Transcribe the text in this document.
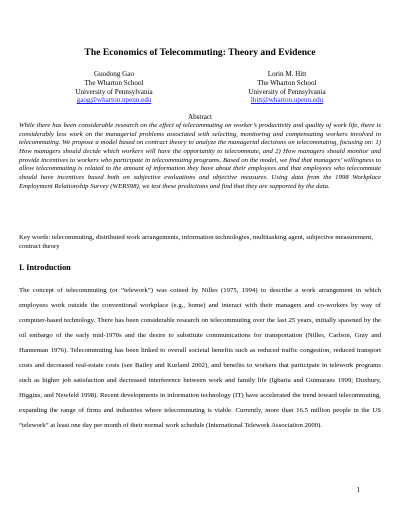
The Economics of Telecommuting: Theory and Evidence
Guodong Gao
The Wharton School
University of Pennsylvania
gaog@wharton.upenn.edu
Lorin M. Hitt
The Wharton School
University of Pennsylvania
lhitt@wharton.upenn.edu
Abstract

While there has been considerable research on the effect of telecommuting on worker’s productivity and quality of work life, there is considerably less work on the managerial problems associated with selecting, monitoring and compensating workers involved in telecommuting. We propose a model based on contract theory to analyze the managerial decisions on telecommuting, focusing on: 1) How managers should decide which workers will have the opportunity to telecommute, and 2) How managers should monitor and provide incentives to workers who participate in telecommuting programs. Based on the model, we find that managers’ willingness to allow telecommuting is related to the amount of information they have about their employees and that employees who telecommute should have incentives based both on subjective evaluations and objective measures. Using data from the 1998 Workplace Employment Relationship Survey (WERS98), we test these predictions and find that they are supported by the data.

Key words: telecommuting, distributed work arrangements, information technologies, multitasking agent, subjective measurement, contract theory

I. Introduction

The concept of telecommuting (or “telework”) was coined by Nilles (1975, 1994) to describe a work arrangement in which employees work outside the conventional workplace (e.g., home) and interact with their managers and co-workers by way of computer-based technology. There has been considerable research on telecommuting over the last 25 years, initially spawned by the oil embargo of the early mid-1970s and the desire to substitute communications for transportation (Nilles, Carlson, Gray and Hanneman 1976). Telecommuting has been linked to overall societal benefits such as reduced traffic congestion, reduced transport costs and decreased real-estate costs (see Bailey and Kurland 2002), and benefits to workers that participate in telework programs such as higher job satisfaction and decreased interference between work and family life (Igbaria and Guimaraes 1999; Duxbury, Higgins, and Newfeld 1998). Recent developments in information technology (IT) have accelerated the trend toward telecommuting, expanding the range of firms and industries where telecommuting is viable. Currently, more than 16.5 million people in the US “telework” at least one day per month of their normal work schedule (International Telework Association 2000).

1
